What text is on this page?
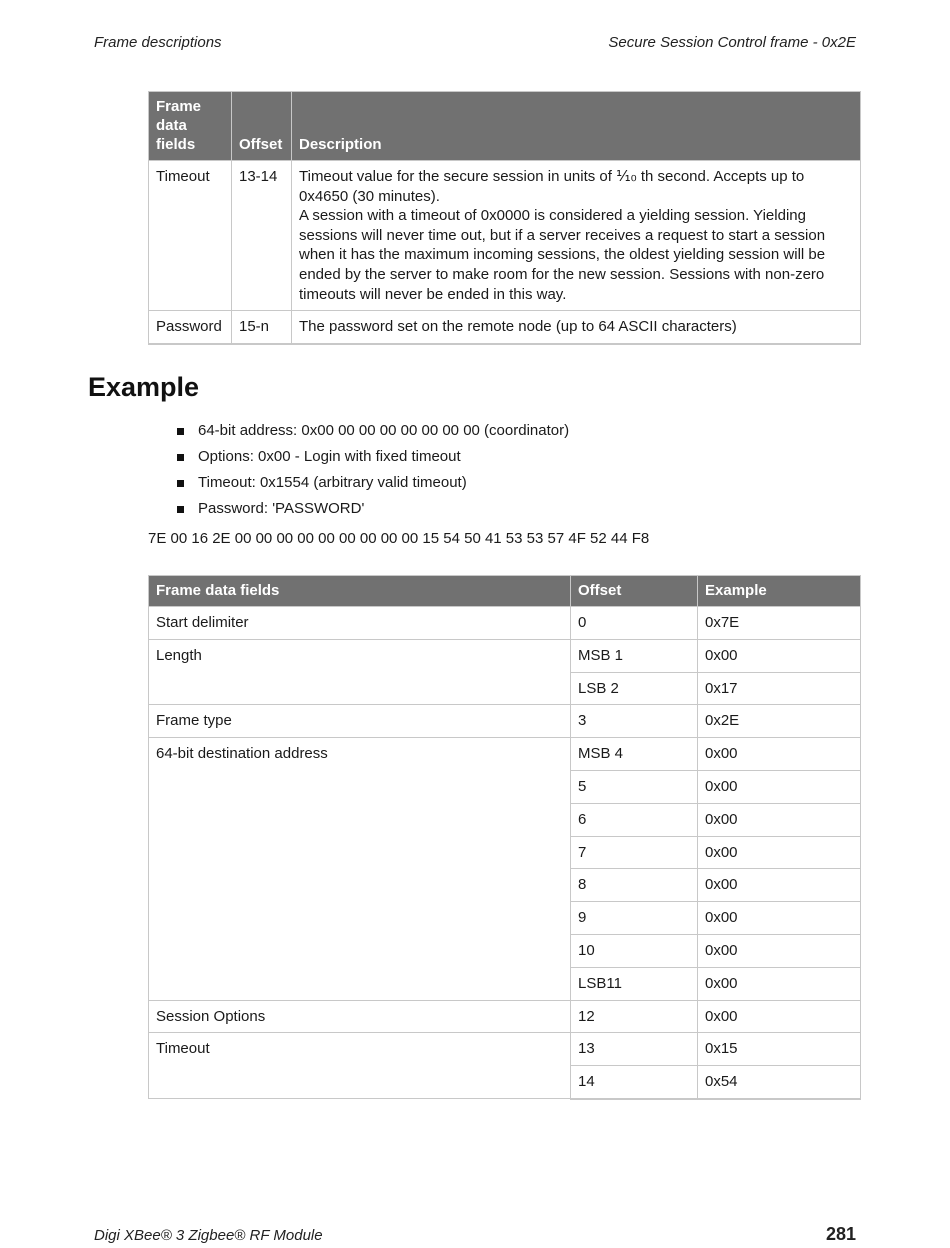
Frame descriptions	Secure Session Control frame - 0x2E
Frame
data
fields	Offset	Description
Timeout	13-14	Timeout value for the secure session in units of ⅒ th second. Accepts up to 0x4650 (30 minutes).
A session with a timeout of 0x0000 is considered a yielding session. Yielding sessions will never time out, but if a server receives a request to start a session when it has the maximum incoming sessions, the oldest yielding session will be ended by the server to make room for the new session. Sessions with non-zero timeouts will never be ended in this way.

Password	15-n	The password set on the remote node (up to 64 ASCII characters)
Example
64-bit address: 0x00 00 00 00 00 00 00 00 (coordinator)
Options: 0x00 - Login with fixed timeout
Timeout: 0x1554 (arbitrary valid timeout)
Password: 'PASSWORD'
7E 00 16 2E 00 00 00 00 00 00 00 00 00 15 54 50 41 53 53 57 4F 52 44 F8
Frame data fields	Offset	Example
Start delimiter	0	0x7E
Length	MSB 1	0x00
	LSB 2	0x17
Frame type	3	0x2E
64-bit destination address	MSB 4	0x00
	5	0x00
	6	0x00
	7	0x00
	8	0x00
	9	0x00
	10	0x00
	LSB11	0x00
Session Options	12	0x00
Timeout	13	0x15
	14	0x54
Digi XBee® 3 Zigbee® RF Module	281
